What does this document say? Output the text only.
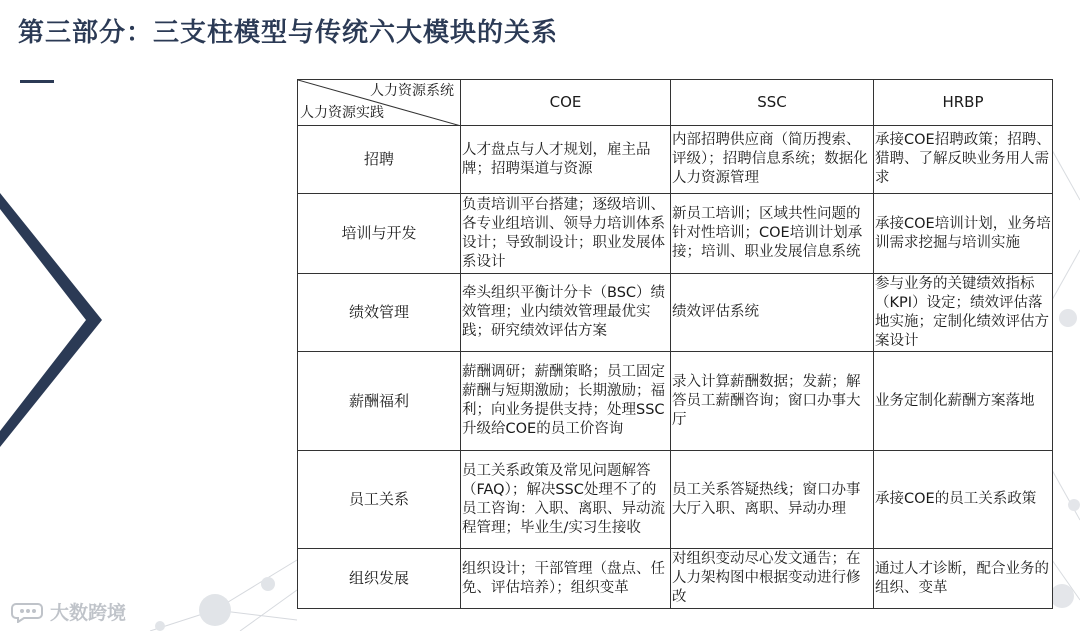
第三部分：三支柱模型与传统六大模块的关系
人力资源系统
人力资源实践	COE	SSC	HRBP
招聘	人才盘点与人才规划，雇主品牌；招聘渠道与资源	内部招聘供应商（简历搜索、评级）；招聘信息系统；数据化人力资源管理	承接COE招聘政策；招聘、猎聘、了解反映业务用人需求
培训与开发	负责培训平台搭建；逐级培训、各专业组培训、领导力培训体系设计；导致制设计；职业发展体系设计	新员工培训；区域共性问题的针对性培训；COE培训计划承接；培训、职业发展信息系统	承接COE培训计划，业务培训需求挖掘与培训实施
绩效管理	牵头组织平衡计分卡（BSC）绩效管理；业内绩效管理最优实践；研究绩效评估方案	绩效评估系统	参与业务的关键绩效指标（KPI）设定；绩效评估落地实施；定制化绩效评估方案设计
薪酬福利	薪酬调研；薪酬策略；员工固定薪酬与短期激励；长期激励；福利；向业务提供支持；处理SSC升级给COE的员工价咨询	录入计算薪酬数据；发薪；解答员工薪酬咨询；窗口办事大厅	业务定制化薪酬方案落地
员工关系	员工关系政策及常见问题解答（FAQ）；解决SSC处理不了的员工咨询：入职、离职、异动流程管理；毕业生/实习生接收	员工关系答疑热线；窗口办事大厅入职、离职、异动办理	承接COE的员工关系政策
组织发展	组织设计；干部管理（盘点、任免、评估培养）；组织变革	对组织变动尽心发文通告；在人力架构图中根据变动进行修改	通过人才诊断，配合业务的组织、变革
大数跨境
